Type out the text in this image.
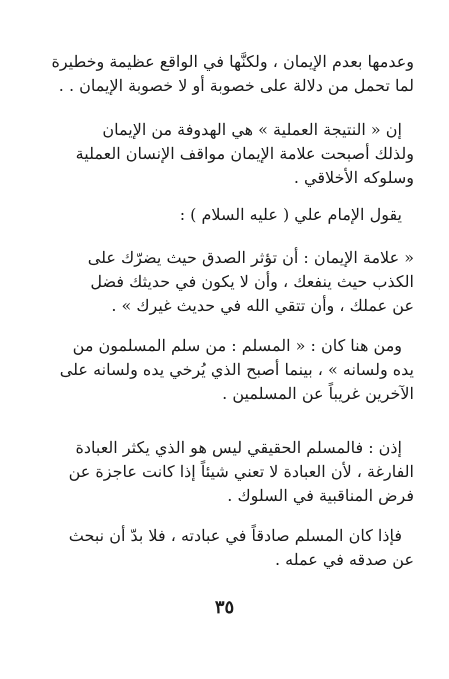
وعدمها بعدم الإيمان ، ولكنَّها في الواقع عظيمة وخطيرة
لما تحمل من دلالة على خصوبة أو لا خصوبة الإيمان . .
إن « النتيجة العملية » هي الهدوفة من الإيمان
ولذلك أصبحت علامة الإيمان مواقف الإنسان العملية
وسلوكه الأخلاقي .
يقول الإمام علي ( عليه السلام ) :
« علامة الإيمان : أن تؤثر الصدق حيث يضرّك على
الكذب حيث ينفعك ، وأن لا يكون في حديثك فضل
عن عملك ، وأن تتقي الله في حديث غيرك » .
ومن هنا كان : « المسلم : من سلم المسلمون من
يده ولسانه » ، بينما أصبح الذي يُرخي يده ولسانه على
الآخرين غريباً عن المسلمين .
إذن : فالمسلم الحقيقي ليس هو الذي يكثر العبادة
الفارغة ، لأن العبادة لا تعني شيئاً إذا كانت عاجزة عن
فرض المناقبية في السلوك .
فإذا كان المسلم صادقاً في عبادته ، فلا بدّ أن نبحث
عن صدقه في عمله .
٣٥
